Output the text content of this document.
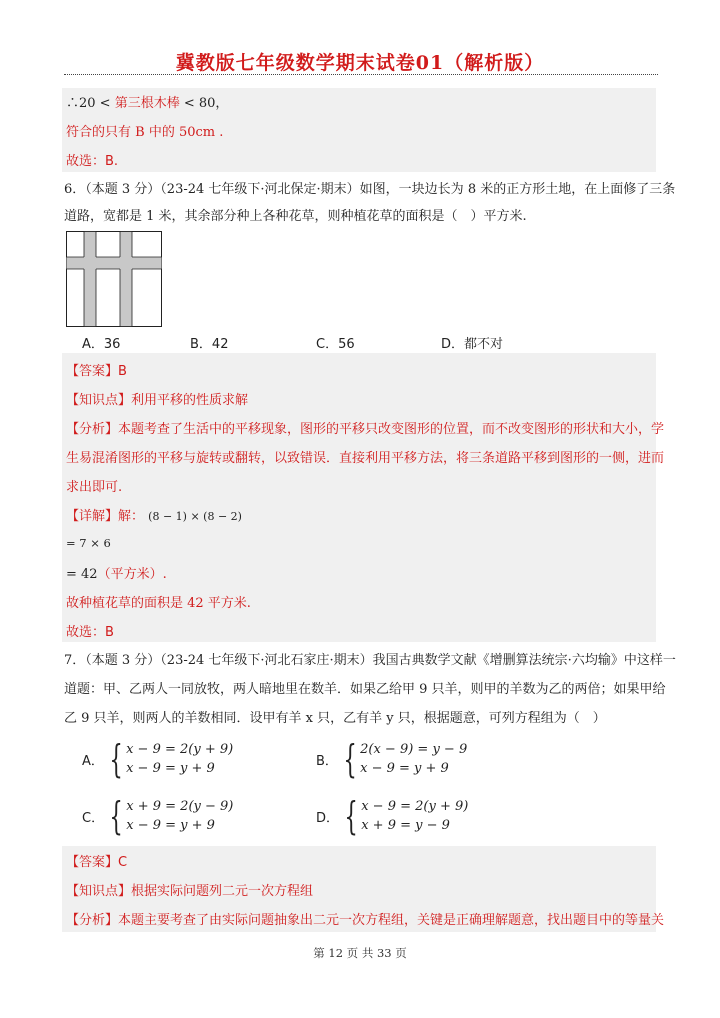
冀教版七年级数学期末试卷01（解析版）
∴20 < 第三根木棒 < 80，
符合的只有 B 中的 50cm .
故选：B.
6．（本题 3 分）（23-24 七年级下·河北保定·期末）如图，一块边长为 8 米的正方形土地，在上面修了三条
道路，宽都是 1 米，其余部分种上各种花草，则种植花草的面积是（　）平方米.
A．36	B．42	C．56	D．都不对
【答案】B
【知识点】利用平移的性质求解
【分析】本题考查了生活中的平移现象，图形的平移只改变图形的位置，而不改变图形的形状和大小，学
生易混淆图形的平移与旋转或翻转，以致错误．直接利用平移方法，将三条道路平移到图形的一侧，进而
求出即可.
【详解】解： (8 − 1) × (8 − 2)
= 7 × 6
= 42（平方米）.
故种植花草的面积是 42 平方米.
故选：B
7．（本题 3 分）（23-24 七年级下·河北石家庄·期末）我国古典数学文献《增删算法统宗·六均输》中这样一
道题：甲、乙两人一同放牧，两人暗地里在数羊．如果乙给甲 9 只羊，则甲的羊数为乙的两倍；如果甲给
乙 9 只羊，则两人的羊数相同．设甲有羊 x 只，乙有羊 y 只，根据题意，可列方程组为（　）
A． { x − 9 = 2(y + 9)
x − 9 = y + 9	B． { 2(x − 9) = y − 9
x − 9 = y + 9
C． { x + 9 = 2(y − 9)
x − 9 = y + 9	D． { x − 9 = 2(y + 9)
x + 9 = y − 9
【答案】C
【知识点】根据实际问题列二元一次方程组
【分析】本题主要考查了由实际问题抽象出二元一次方程组，关键是正确理解题意，找出题目中的等量关
第 12 页 共 33 页
